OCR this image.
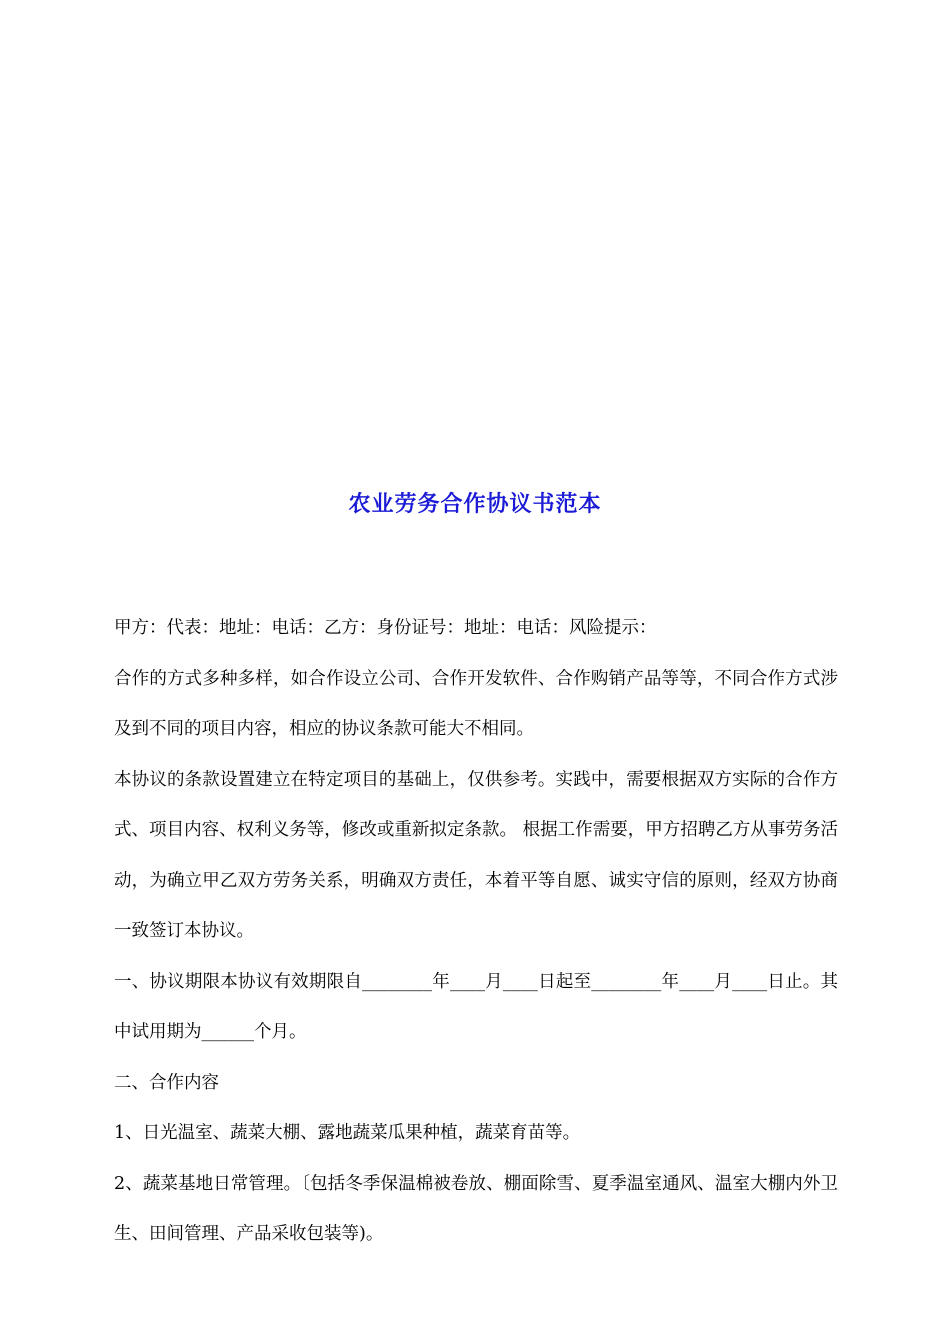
农业劳务合作协议书范本

甲方：代表：地址：电话：乙方：身份证号：地址：电话：风险提示：

合作的方式多种多样，如合作设立公司、合作开发软件、合作购销产品等等，不同合作方式涉及到不同的项目内容，相应的协议条款可能大不相同。

本协议的条款设置建立在特定项目的基础上，仅供参考。实践中，需要根据双方实际的合作方式、项目内容、权利义务等，修改或重新拟定条款。 根据工作需要，甲方招聘乙方从事劳务活动，为确立甲乙双方劳务关系，明确双方责任，本着平等自愿、诚实守信的原则，经双方协商一致签订本协议。

一、协议期限本协议有效期限自________年____月____日起至________年____月____日止。其中试用期为______个月。

二、合作内容

1、日光温室、蔬菜大棚、露地蔬菜瓜果种植，蔬菜育苗等。

2、蔬菜基地日常管理。〔包括冬季保温棉被卷放、棚面除雪、夏季温室通风、温室大棚内外卫生、田间管理、产品采收包装等)。
